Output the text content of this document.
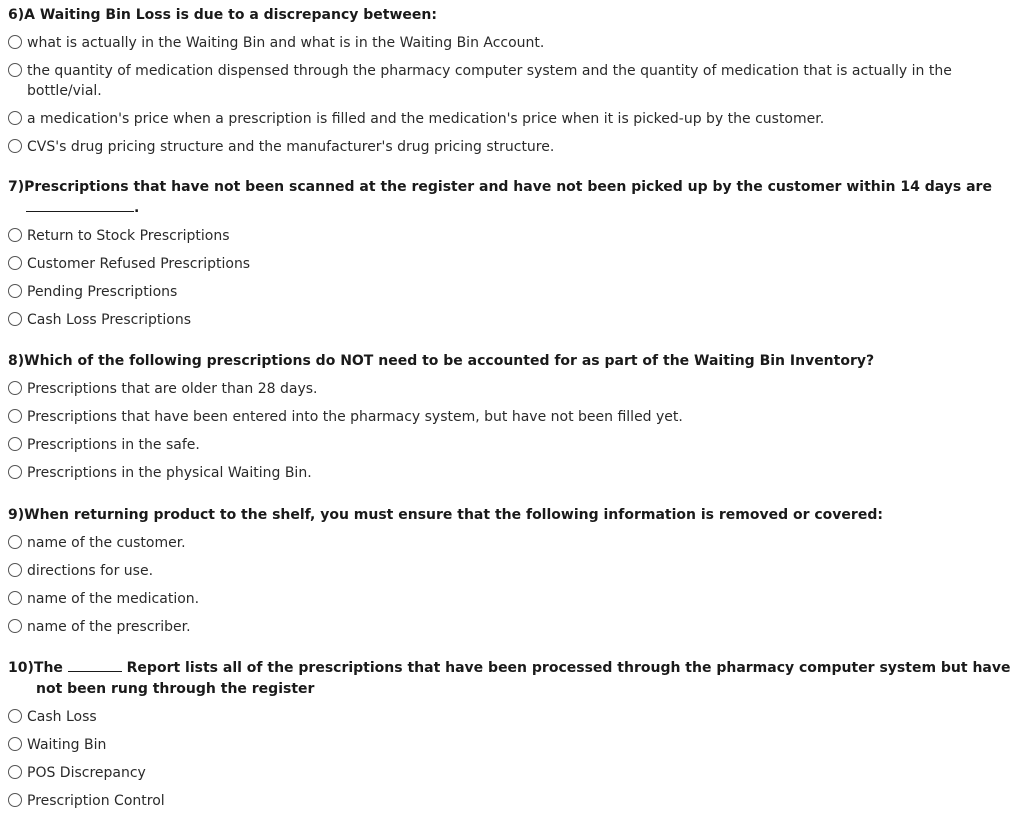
6)A Waiting Bin Loss is due to a discrepancy between:

what is actually in the Waiting Bin and what is in the Waiting Bin Account.
the quantity of medication dispensed through the pharmacy computer system and the quantity of medication that is actually in the bottle/vial.
a medication's price when a prescription is filled and the medication's price when it is picked-up by the customer.
CVS's drug pricing structure and the manufacturer's drug pricing structure.

7)Prescriptions that have not been scanned at the register and have not been picked up by the customer within 14 days are .

Return to Stock Prescriptions
Customer Refused Prescriptions
Pending Prescriptions
Cash Loss Prescriptions

8)Which of the following prescriptions do NOT need to be accounted for as part of the Waiting Bin Inventory?

Prescriptions that are older than 28 days.
Prescriptions that have been entered into the pharmacy system, but have not been filled yet.
Prescriptions in the safe.
Prescriptions in the physical Waiting Bin.

9)When returning product to the shelf, you must ensure that the following information is removed or covered:

name of the customer.
directions for use.
name of the medication.
name of the prescriber.

10)The	Report lists all of the prescriptions that have been processed through the pharmacy computer system but have not been rung through the register

Cash Loss
Waiting Bin
POS Discrepancy
Prescription Control
